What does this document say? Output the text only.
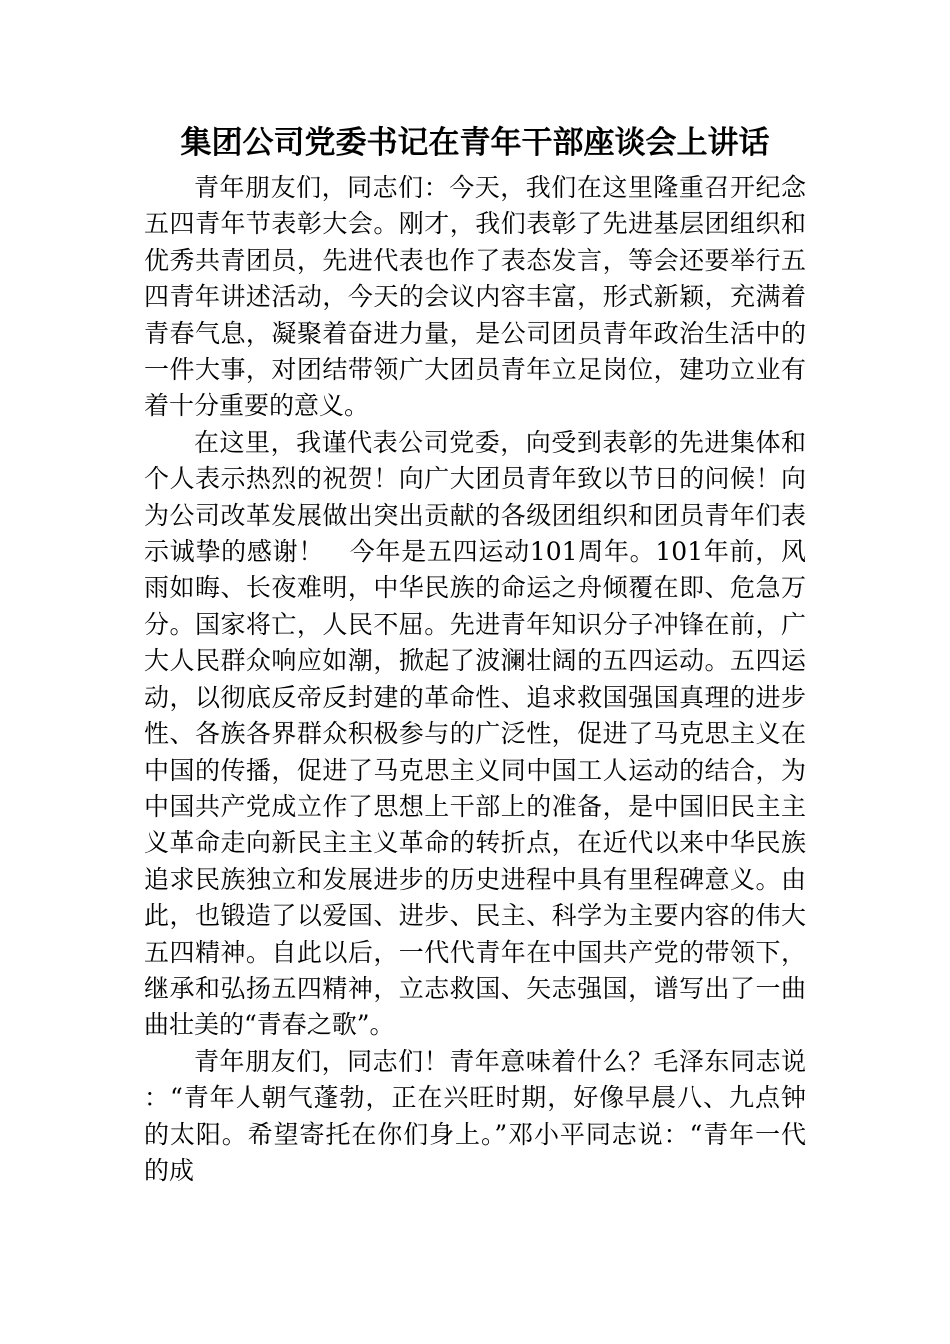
集团公司党委书记在青年干部座谈会上讲话

青年朋友们，同志们：今天，我们在这里隆重召开纪念五四青年节表彰大会。刚才，我们表彰了先进基层团组织和优秀共青团员，先进代表也作了表态发言，等会还要举行五四青年讲述活动，今天的会议内容丰富，形式新颖，充满着青春气息，凝聚着奋进力量，是公司团员青年政治生活中的一件大事，对团结带领广大团员青年立足岗位，建功立业有着十分重要的意义。

在这里，我谨代表公司党委，向受到表彰的先进集体和个人表示热烈的祝贺！向广大团员青年致以节日的问候！向为公司改革发展做出突出贡献的各级团组织和团员青年们表示诚挚的感谢！　今年是五四运动101周年。101年前，风雨如晦、长夜难明，中华民族的命运之舟倾覆在即、危急万分。国家将亡，人民不屈。先进青年知识分子冲锋在前，广大人民群众响应如潮，掀起了波澜壮阔的五四运动。五四运动，以彻底反帝反封建的革命性、追求救国强国真理的进步性、各族各界群众积极参与的广泛性，促进了马克思主义在中国的传播，促进了马克思主义同中国工人运动的结合，为中国共产党成立作了思想上干部上的准备，是中国旧民主主义革命走向新民主主义革命的转折点，在近代以来中华民族追求民族独立和发展进步的历史进程中具有里程碑意义。由此，也锻造了以爱国、进步、民主、科学为主要内容的伟大五四精神。自此以后，一代代青年在中国共产党的带领下，继承和弘扬五四精神，立志救国、矢志强国，谱写出了一曲曲壮美的“青春之歌”。

青年朋友们，同志们！青年意味着什么？毛泽东同志说：“青年人朝气蓬勃，正在兴旺时期，好像早晨八、九点钟的太阳。希望寄托在你们身上。”邓小平同志说：“青年一代的成
